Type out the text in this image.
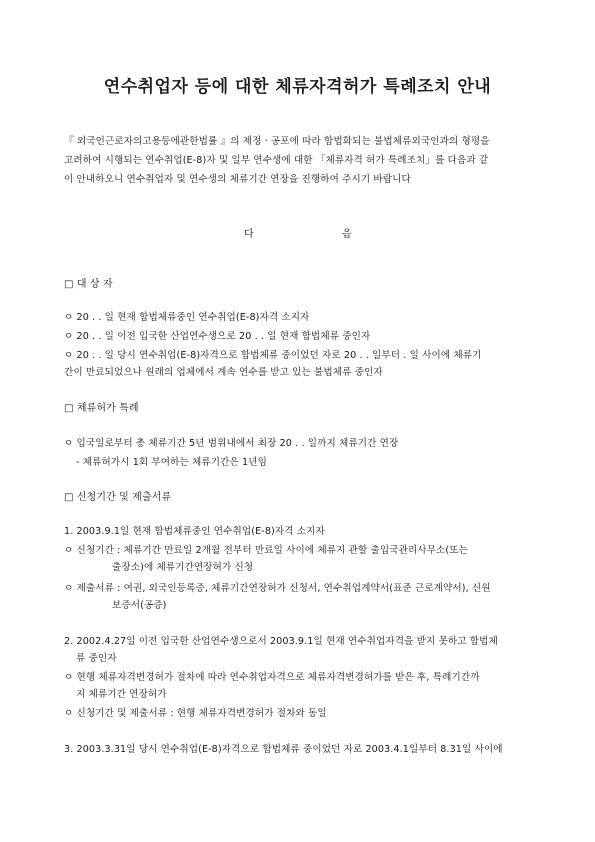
연수취업자 등에 대한 체류자격허가 특례조치 안내
『 외국인근로자의고용등에관한법률 』의 제정 · 공포에 따라 합법화되는 불법체류외국인과의 형평을
고려하여 시행되는 연수취업(E-8)자 및 일부 연수생에 대한 「체류자격 허가 특례조치」를 다음과 같
이 안내하오니 연수취업자 및 연수생의 체류기간 연장을 진행하여 주시기 바랍니다
다	음
□ 대 상 자
ㅇ 20 . . 일 현재 합법체류중인 연수취업(E-8)자격 소지자
ㅇ 20 . . 일 이전 입국한 산업연수생으로 20 . . 일 현재 합법체류 중인자
ㅇ 20 . . 일 당시 연수취업(E-8)자격으로 합법체류 중이었던 자로 20 . . 일부터 . 일 사이에 체류기
간이 만료되었으나 원래의 업체에서 계속 연수를 받고 있는 불법체류 중인자
□ 체류허가 특례
ㅇ 입국일로부터 총 체류기간 5년 범위내에서 최장 20 . . 일까지 체류기간 연장
- 체류허가시 1회 부여하는 체류기간은 1년임
□ 신청기간 및 제출서류
1. 2003.9.1일 현재 합법체류중인 연수취업(E-8)자격 소지자
ㅇ 신청기간 : 체류기간 만료일 2개월 전부터 만료일 사이에 체류지 관할 출입국관리사무소(또는
출장소)에 체류기간연장허가 신청
ㅇ 제출서류 : 여권, 외국인등록증, 체류기간연장허가 신청서, 연수취업계약서(표준 근로계약서), 신원
보증서(공증)
2. 2002.4.27일 이전 입국한 산업연수생으로서 2003.9.1일 현재 연수취업자격을 받지 못하고 합법체
류 중인자
ㅇ 현행 체류자격변경허가 절차에 따라 연수취업자격으로 체류자격변경허가를 받은 후, 특례기간까
지 체류기간 연장허가
ㅇ 신청기간 및 제출서류 : 현행 체류자격변경허가 절차와 동일
3. 2003.3.31일 당시 연수취업(E-8)자격으로 합법체류 중이었던 자로 2003.4.1일부터 8.31일 사이에
